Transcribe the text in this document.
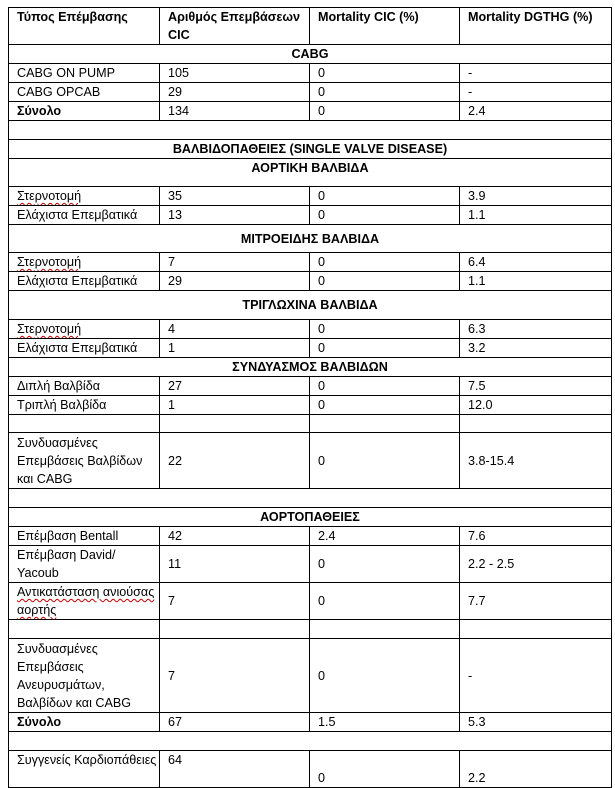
Τύπος Επέμβασης	Αριθμός Επεμβάσεων CIC	Mortality CIC (%)	Mortality DGTHG (%)
CABG			
CABG ON PUMP	105	0	-
CABG OPCAB	29	0	-
Σύνολο	134	0	2.4

ΒΑΛΒΙΔΟΠΑΘΕΙΕΣ (SINGLE VALVE DISEASE)			
ΑΟΡΤΙΚΗ ΒΑΛΒΙΔΑ			
Στερνοτομή	35	0	3.9
Ελάχιστα Επεμβατικά	13	0	1.1
ΜΙΤΡΟΕΙΔΗΣ ΒΑΛΒΙΔΑ			
Στερνοτομή	7	0	6.4
Ελάχιστα Επεμβατικά	29	0	1.1
ΤΡΙΓΛΩΧΙΝΑ ΒΑΛΒΙΔΑ			
Στερνοτομή	4	0	6.3
Ελάχιστα Επεμβατικά	1	0	3.2
ΣΥΝΔΥΑΣΜΟΣ ΒΑΛΒΙΔΩΝ			
Διπλή Βαλβίδα	27	0	7.5
Τριπλή Βαλβίδα	1	0	12.0

Συνδυασμένες Επεμβάσεις Βαλβίδων και CABG	22	0	3.8-15.4

ΑΟΡΤΟΠΑΘΕΙΕΣ			
Επέμβαση Bentall	42	2.4	7.6
Επέμβαση David/ Yacoub	11	0	2.2 - 2.5
Αντικατάσταση ανιούσας αορτής	7	0	7.7

Συνδυασμένες Επεμβάσεις Ανευρυσμάτων, Βαλβίδων και CABG	7	0	-
Σύνολο	67	1.5	5.3

Συγγενείς Καρδιοπάθειες	64	0	2.2
